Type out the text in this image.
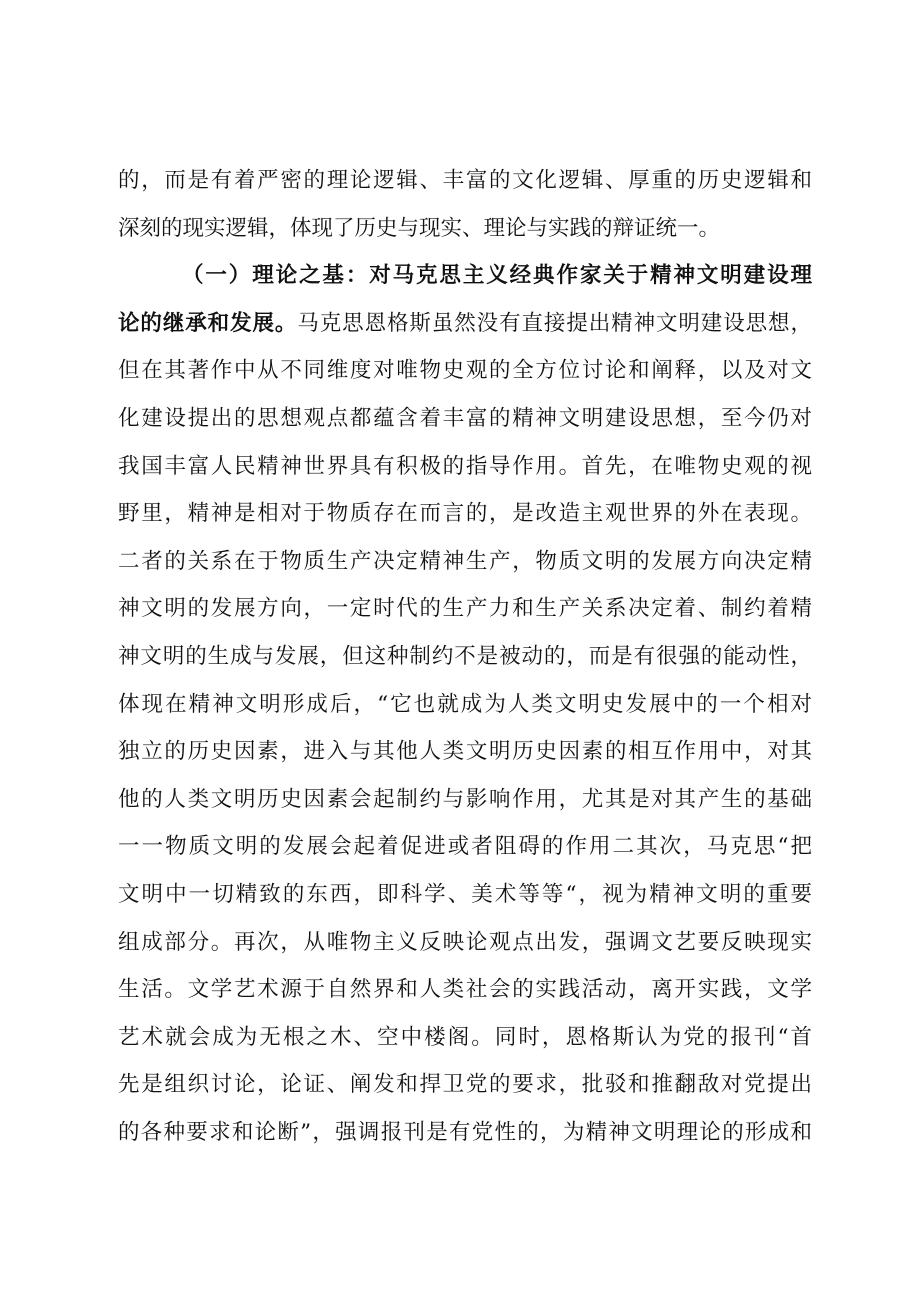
的，而是有着严密的理论逻辑、丰富的文化逻辑、厚重的历史逻辑和
深刻的现实逻辑，体现了历史与现实、理论与实践的辩证统一。
（一）理论之基：对马克思主义经典作家关于精神文明建设理
论的继承和发展。马克思恩格斯虽然没有直接提出精神文明建设思想，
但在其著作中从不同维度对唯物史观的全方位讨论和阐释，以及对文
化建设提出的思想观点都蕴含着丰富的精神文明建设思想，至今仍对
我国丰富人民精神世界具有积极的指导作用。首先，在唯物史观的视
野里，精神是相对于物质存在而言的，是改造主观世界的外在表现。
二者的关系在于物质生产决定精神生产，物质文明的发展方向决定精
神文明的发展方向，一定时代的生产力和生产关系决定着、制约着精
神文明的生成与发展，但这种制约不是被动的，而是有很强的能动性，
体现在精神文明形成后，“它也就成为人类文明史发展中的一个相对
独立的历史因素，进入与其他人类文明历史因素的相互作用中，对其
他的人类文明历史因素会起制约与影响作用，尤其是对其产生的基础
一一物质文明的发展会起着促进或者阻碍的作用二其次，马克思“把
文明中一切精致的东西，即科学、美术等等“，视为精神文明的重要
组成部分。再次，从唯物主义反映论观点出发，强调文艺要反映现实
生活。文学艺术源于自然界和人类社会的实践活动，离开实践，文学
艺术就会成为无根之木、空中楼阁。同时，恩格斯认为党的报刊“首
先是组织讨论，论证、阐发和捍卫党的要求，批驳和推翻敌对党提出
的各种要求和论断”，强调报刊是有党性的，为精神文明理论的形成和
